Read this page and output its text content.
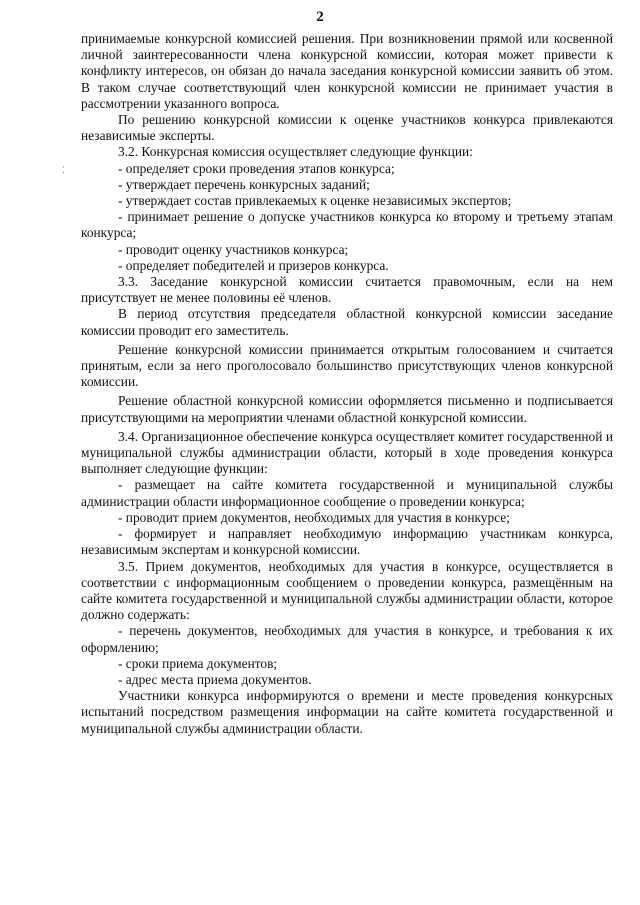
2
⁚

принимаемые конкурсной комиссией решения. При возникновении прямой или косвенной личной заинтересованности члена конкурсной комиссии, которая может привести к конфликту интересов, он обязан до начала заседания конкурсной комиссии заявить об этом. В таком случае соответствующий член конкурсной комиссии не принимает участия в рассмотрении указанного вопроса.

По решению конкурсной комиссии к оценке участников конкурса привлекаются независимые эксперты.

3.2. Конкурсная комиссия осуществляет следующие функции:

- определяет сроки проведения этапов конкурса;

- утверждает перечень конкурсных заданий;

- утверждает состав привлекаемых к оценке независимых экспертов;

- принимает решение о допуске участников конкурса ко второму и третьему этапам конкурса;

- проводит оценку участников конкурса;

- определяет победителей и призеров конкурса.

3.3. Заседание конкурсной комиссии считается правомочным, если на нем присутствует не менее половины её членов.

В период отсутствия председателя областной конкурсной комиссии заседание комиссии проводит его заместитель.

Решение конкурсной комиссии принимается открытым голосованием и считается принятым, если за него проголосовало большинство присутствующих членов конкурсной комиссии.

Решение областной конкурсной комиссии оформляется письменно и подписывается присутствующими на мероприятии членами областной конкурсной комиссии.

3.4. Организационное обеспечение конкурса осуществляет комитет государственной и муниципальной службы администрации области, который в ходе проведения конкурса выполняет следующие функции:

- размещает на сайте комитета государственной и муниципальной службы администрации области информационное сообщение о проведении конкурса;

- проводит прием документов, необходимых для участия в конкурсе;

- формирует и направляет необходимую информацию участникам конкурса, независимым экспертам и конкурсной комиссии.

3.5. Прием документов, необходимых для участия в конкурсе, осуществляется в соответствии с информационным сообщением о проведении конкурса, размещённым на сайте комитета государственной и муниципальной службы администрации области, которое должно содержать:

- перечень документов, необходимых для участия в конкурсе, и требования к их оформлению;

- сроки приема документов;

- адрес места приема документов.

Участники конкурса информируются о времени и месте проведения конкурсных испытаний посредством размещения информации на сайте комитета государственной и муниципальной службы администрации области.
